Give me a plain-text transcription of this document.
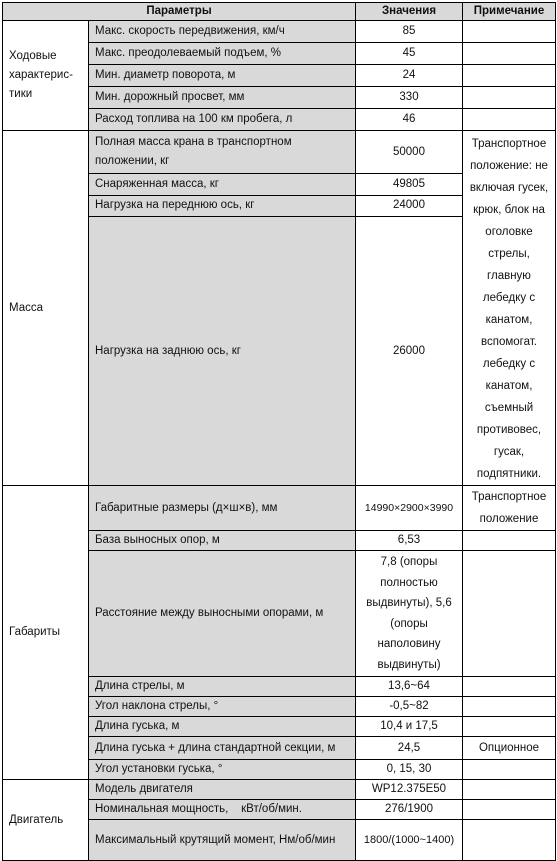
Параметры		Значения	Примечание
Ходовые характерис-тики	Макс. скорость передвижения, км/ч	85	
	Макс. преодолеваемый подъем, %	45	
	Мин. диаметр поворота, м	24	
	Мин. дорожный просвет, мм	330	
	Расход топлива на 100 км пробега, л	46	
Масса	Полная масса крана в транспортном положении, кг	50000	Транспортное положение: не включая гусек, крюк, блок на оголовке стрелы, главную лебедку с канатом, вспомогат. лебедку с канатом, съемный противовес, гусак, подпятники.
	Снаряженная масса, кг	49805	
	Нагрузка на переднюю ось, кг	24000	
	Нагрузка на заднюю ось, кг	26000	
Габариты	Габаритные размеры (д×ш×в), мм	14990×2900×3990	Транспортное положение
	База выносных опор, м	6,53	
	Расстояние между выносными опорами, м	7,8 (опоры полностью выдвинуты), 5,6 (опоры наполовину выдвинуты)	
	Длина стрелы, м	13,6~64	
	Угол наклона стрелы, °	-0,5~82	
	Длина гуська, м	10,4 и 17,5	
	Длина гуська + длина стандартной секции, м	24,5	Опционное
	Угол установки гуська, °	0, 15, 30	
Двигатель	Модель двигателя	WP12.375E50	
	Номинальная мощность,    кВт/об/мин.	276/1900	
	Максимальный крутящий момент, Нм/об/мин	1800/(1000~1400)	
